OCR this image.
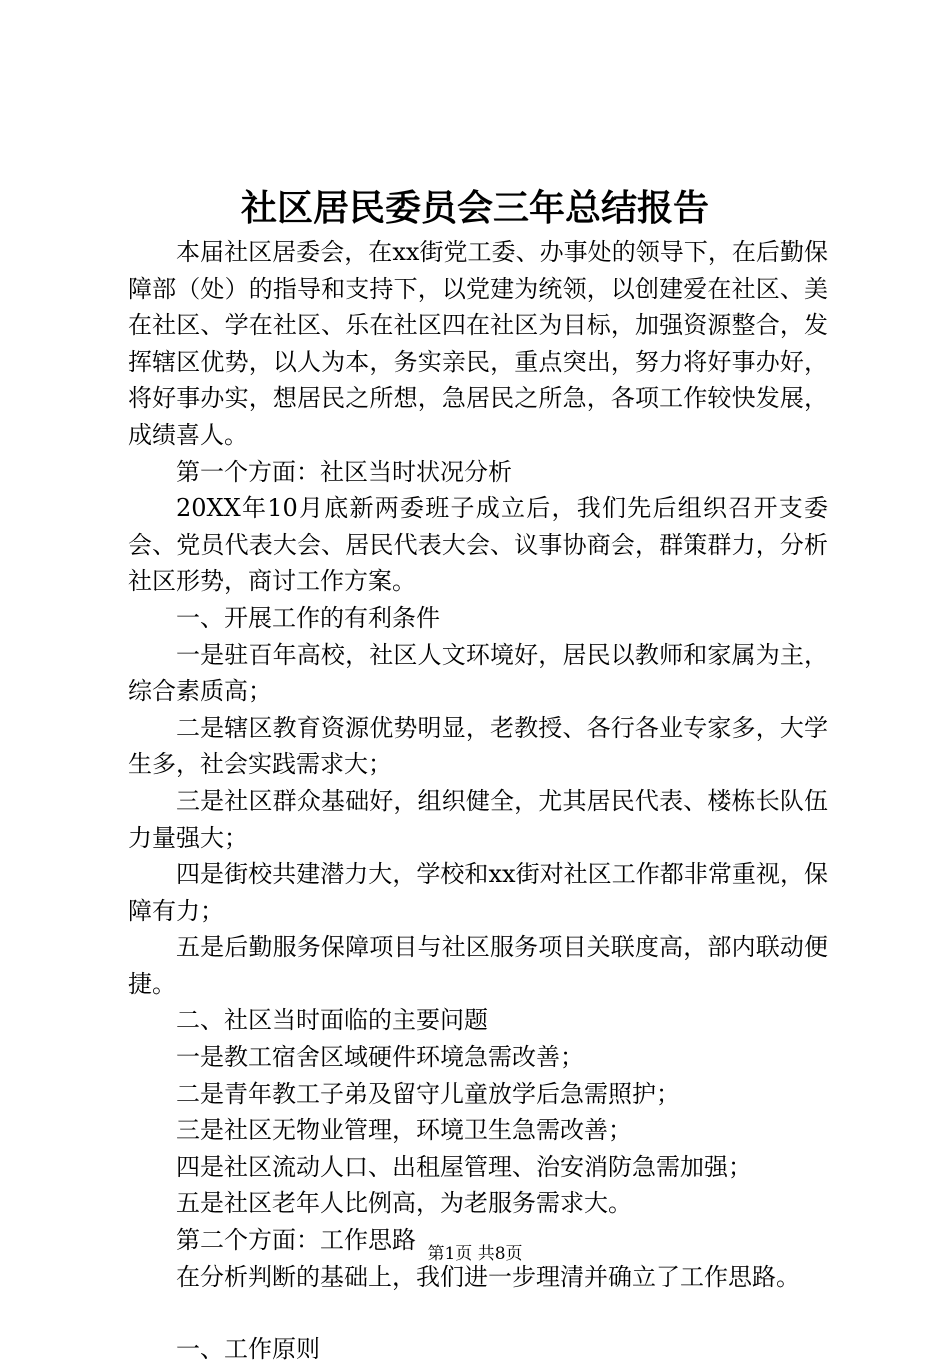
社区居民委员会三年总结报告

本届社区居委会，在xx街党工委、办事处的领导下，在后勤保障部（处）的指导和支持下，以党建为统领，以创建爱在社区、美在社区、学在社区、乐在社区四在社区为目标，加强资源整合，发挥辖区优势，以人为本，务实亲民，重点突出，努力将好事办好，将好事办实，想居民之所想，急居民之所急，各项工作较快发展，成绩喜人。

第一个方面：社区当时状况分析

20XX年10月底新两委班子成立后，我们先后组织召开支委会、党员代表大会、居民代表大会、议事协商会，群策群力，分析社区形势，商讨工作方案。

一、开展工作的有利条件

一是驻百年高校，社区人文环境好，居民以教师和家属为主，综合素质高；

二是辖区教育资源优势明显，老教授、各行各业专家多，大学生多，社会实践需求大；

三是社区群众基础好，组织健全，尤其居民代表、楼栋长队伍力量强大；

四是街校共建潜力大，学校和xx街对社区工作都非常重视，保障有力；

五是后勤服务保障项目与社区服务项目关联度高，部内联动便捷。

二、社区当时面临的主要问题

一是教工宿舍区域硬件环境急需改善；

二是青年教工子弟及留守儿童放学后急需照护；

三是社区无物业管理，环境卫生急需改善；

四是社区流动人口、出租屋管理、治安消防急需加强；

五是社区老年人比例高，为老服务需求大。

第二个方面：工作思路

在分析判断的基础上，我们进一步理清并确立了工作思路。

一、工作原则

第1页 共8页
